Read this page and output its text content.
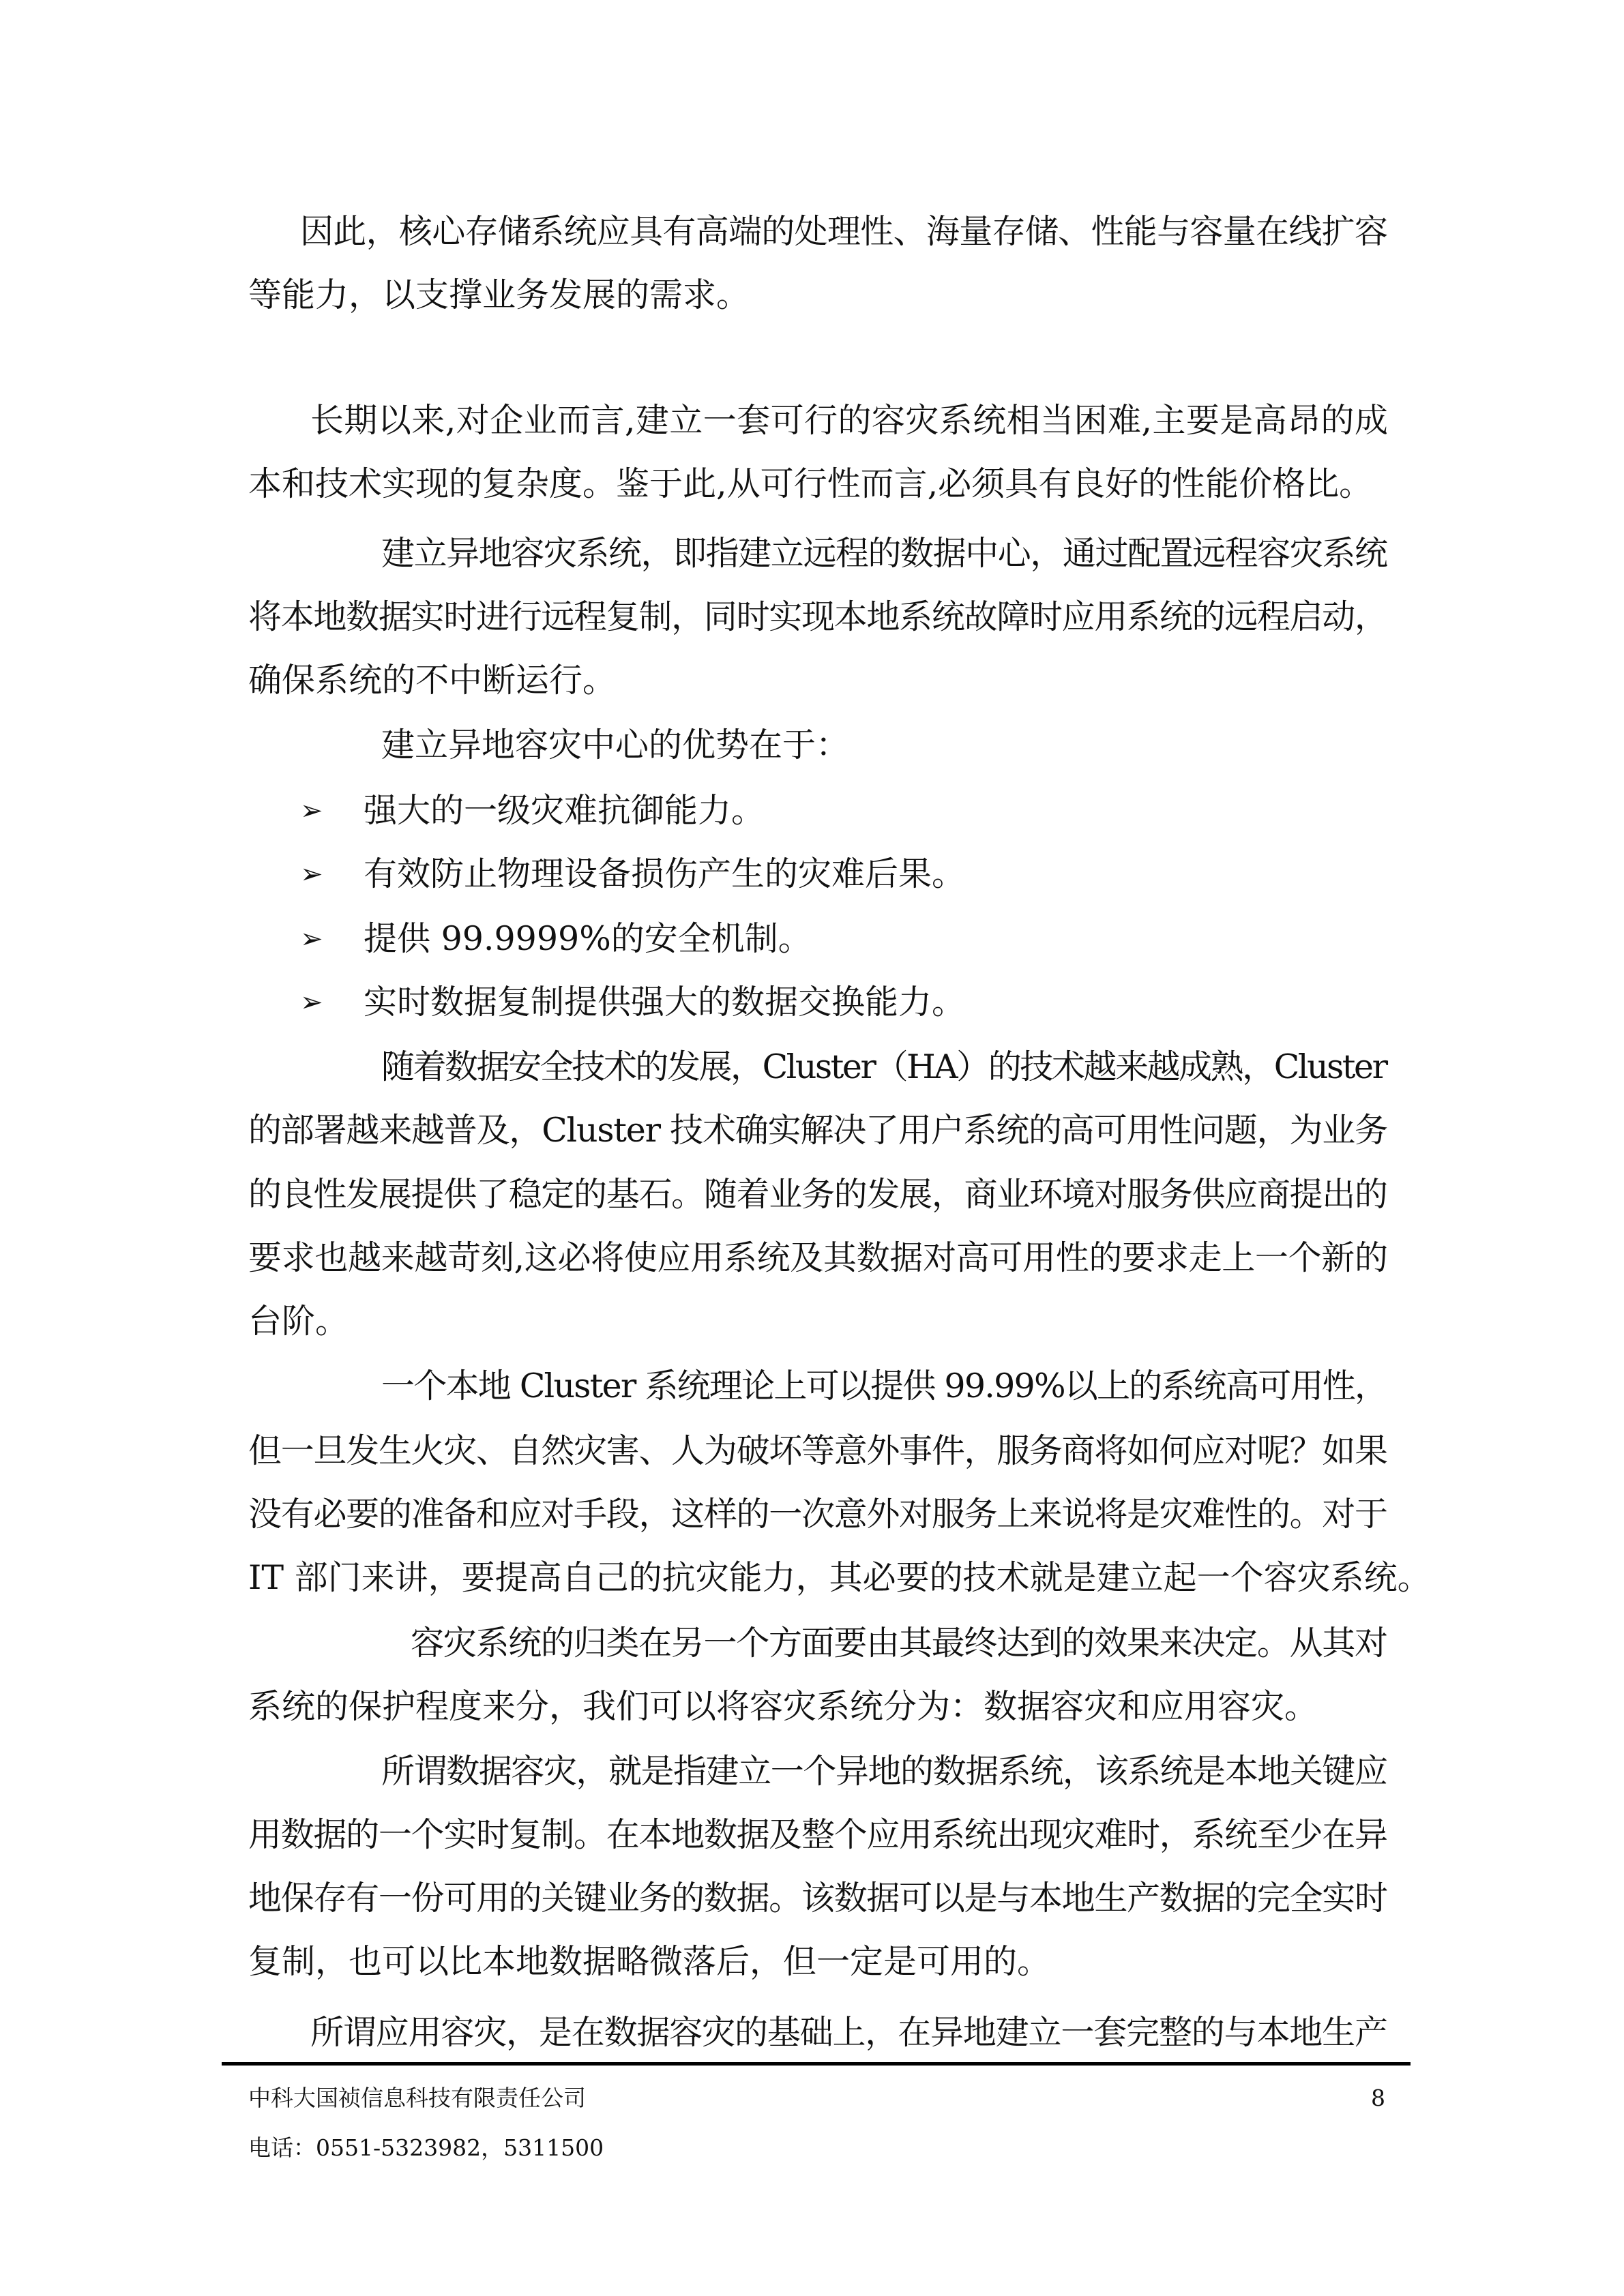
因此，核心存储系统应具有高端的处理性、海量存储、性能与容量在线扩容
等能力，以支撑业务发展的需求。
长期以来,对企业而言,建立一套可行的容灾系统相当困难,主要是高昂的成
本和技术实现的复杂度。鉴于此,从可行性而言,必须具有良好的性能价格比。
建立异地容灾系统，即指建立远程的数据中心，通过配置远程容灾系统
将本地数据实时进行远程复制，同时实现本地系统故障时应用系统的远程启动，
确保系统的不中断运行。
建立异地容灾中心的优势在于：
➢ 强大的一级灾难抗御能力。
➢ 有效防止物理设备损伤产生的灾难后果。
➢ 提供 99.9999%的安全机制。
➢ 实时数据复制提供强大的数据交换能力。
随着数据安全技术的发展，Cluster（HA）的技术越来越成熟，Cluster
的部署越来越普及，Cluster 技术确实解决了用户系统的高可用性问题，为业务
的良性发展提供了稳定的基石。随着业务的发展，商业环境对服务供应商提出的
要求也越来越苛刻,这必将使应用系统及其数据对高可用性的要求走上一个新的
台阶。
一个本地 Cluster 系统理论上可以提供 99.99%以上的系统高可用性，
但一旦发生火灾、自然灾害、人为破坏等意外事件，服务商将如何应对呢？如果
没有必要的准备和应对手段，这样的一次意外对服务上来说将是灾难性的。对于
IT 部门来讲，要提高自己的抗灾能力，其必要的技术就是建立起一个容灾系统。
容灾系统的归类在另一个方面要由其最终达到的效果来决定。从其对
系统的保护程度来分，我们可以将容灾系统分为：数据容灾和应用容灾。
所谓数据容灾，就是指建立一个异地的数据系统，该系统是本地关键应
用数据的一个实时复制。在本地数据及整个应用系统出现灾难时，系统至少在异
地保存有一份可用的关键业务的数据。该数据可以是与本地生产数据的完全实时
复制，也可以比本地数据略微落后，但一定是可用的。
所谓应用容灾，是在数据容灾的基础上，在异地建立一套完整的与本地生产
中科大国祯信息科技有限责任公司	8
电话：0551-5323982，5311500
